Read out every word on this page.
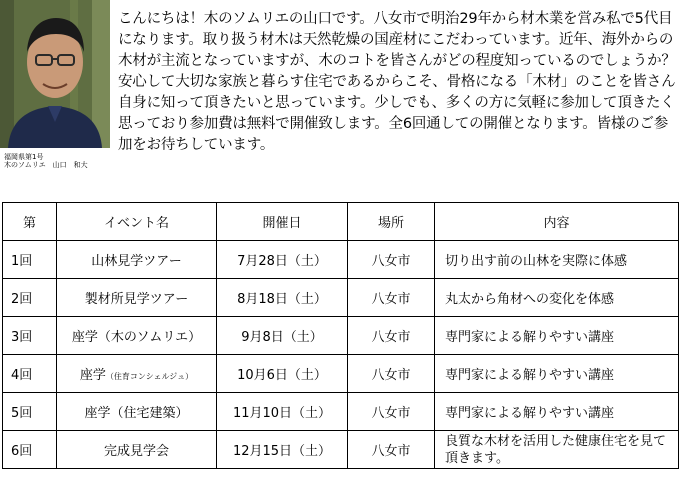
福岡県第1号
木のソムリエ　山口　和大
こんにちは！木のソムリエの山口です。八女市で明治29年から材木業を営み私で5代目になります。取り扱う材木は天然乾燥の国産材にこだわっています。近年、海外からの木材が主流となっていますが、木のコトを皆さんがどの程度知っているのでしょうか？安心して大切な家族と暮らす住宅であるからこそ、骨格になる「木材」のことを皆さん自身に知って頂きたいと思っています。少しでも、多くの方に気軽に参加して頂きたく思っており参加費は無料で開催致します。全6回通しての開催となります。皆様のご参加をお待ちしています。
第	イベント名	開催日	場所	内容
1回	山林見学ツアー	7月28日（土）	八女市	切り出す前の山林を実際に体感
2回	製材所見学ツアー	8月18日（土）	八女市	丸太から角材への変化を体感
3回	座学（木のソムリエ）	9月8日（土）	八女市	専門家による解りやすい講座
4回	座学（住育コンシェルジュ）	10月6日（土）	八女市	専門家による解りやすい講座
5回	座学（住宅建築）	11月10日（土）	八女市	専門家による解りやすい講座
6回	完成見学会	12月15日（土）	八女市	良質な木材を活用した健康住宅を見て頂きます。
